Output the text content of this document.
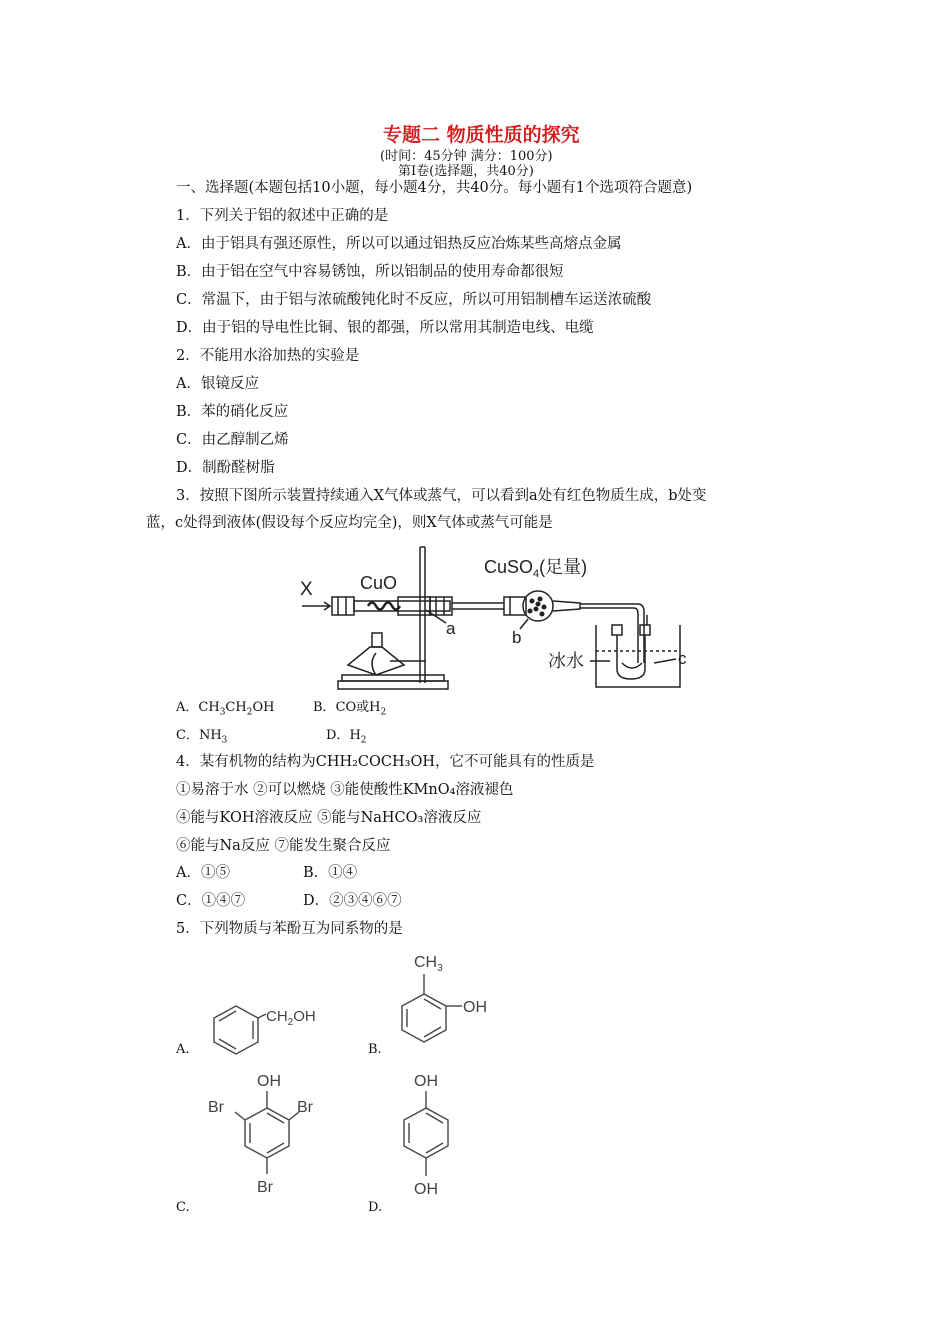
专题二 物质性质的探究
(时间：45分钟 满分：100分)
第Ⅰ卷(选择题，共40分)
一、选择题(本题包括10小题，每小题4分，共40分。每小题有1个选项符合题意)
1．下列关于铝的叙述中正确的是
A．由于铝具有强还原性，所以可以通过铝热反应冶炼某些高熔点金属
B．由于铝在空气中容易锈蚀，所以铝制品的使用寿命都很短
C．常温下，由于铝与浓硫酸钝化时不反应，所以可用铝制槽车运送浓硫酸
D．由于铝的导电性比铜、银的都强，所以常用其制造电线、电缆
2．不能用水浴加热的实验是
A．银镜反应
B．苯的硝化反应
C．由乙醇制乙烯
D．制酚醛树脂
3．按照下图所示装置持续通入X气体或蒸气，可以看到a处有红色物质生成，b处变
蓝，c处得到液体(假设每个反应均完全)，则X气体或蒸气可能是
X	CuO
a
CuSO$_4$(足量)
b
冰水	c
A．$CH_3CH_2OH$	B．CO或$H_2$
C．$NH_3$	D．$H_2$
4．某有机物的结构为CHH₂COCH₃OH，它不可能具有的性质是
①易溶于水 ②可以燃烧 ③能使酸性KMnO₄溶液褪色
④能与KOH溶液反应 ⑤能与NaHCO₃溶液反应
⑥能与Na反应 ⑦能发生聚合反应
A．①⑤	B．①④
C．①④⑦	D．②③④⑥⑦
5．下列物质与苯酚互为同系物的是
A.	B.
C.	D.
$CH_2OH$
$CH_3$
OH
OH
Br	Br
Br
OH
OH
